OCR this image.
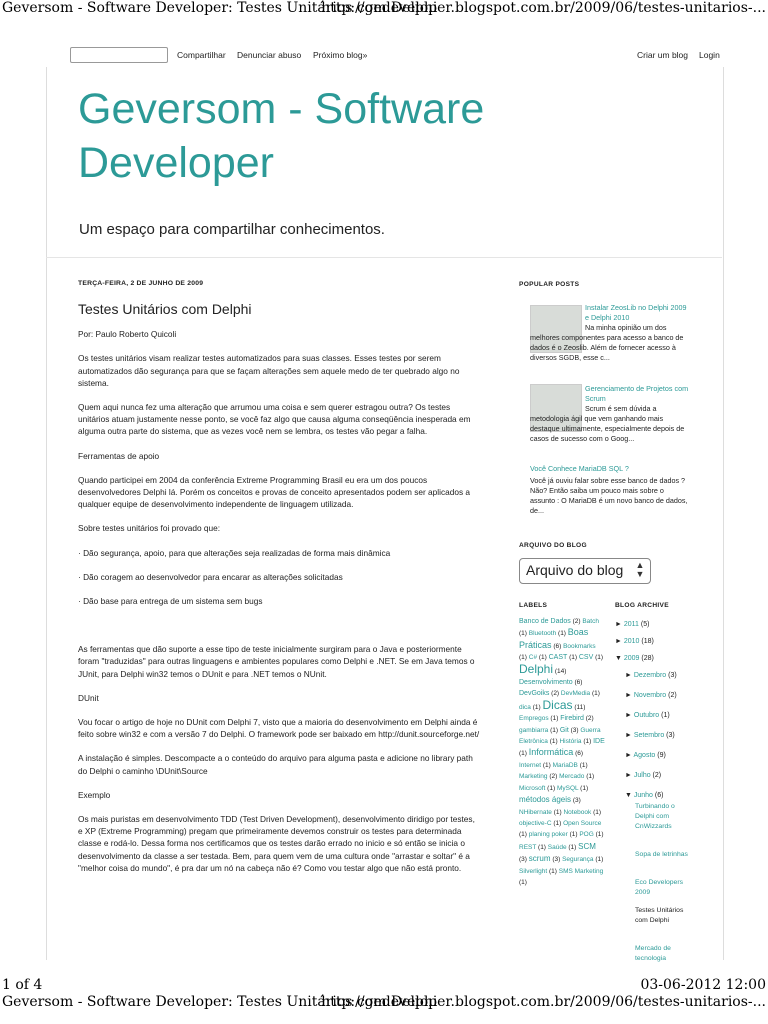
Geversom - Software Developer: Testes Unitários com Delphi
http://gedeveloper.blogspot.com.br/2009/06/testes-unitarios-...
1 of 4	03-06-2012 12:00
Geversom - Software Developer: Testes Unitários com Delphi
http://gedeveloper.blogspot.com.br/2009/06/testes-unitarios-...
Compartilhar Denunciar abuso Próximo blog»	Criar um blog Login
Geversom - Software Developer
Um espaço para compartilhar conhecimentos.
TERÇA-FEIRA, 2 DE JUNHO DE 2009
Testes Unitários com Delphi

Por: Paulo Roberto Quicoli

Os testes unitários visam realizar testes automatizados para suas classes. Esses testes por serem automatizados dão segurança para que se façam alterações sem aquele medo de ter quebrado algo no sistema.

Quem aqui nunca fez uma alteração que arrumou uma coisa e sem querer estragou outra? Os testes unitários atuam justamente nesse ponto, se você faz algo que causa alguma conseqüência inesperada em alguma outra parte do sistema, que as vezes você nem se lembra, os testes vão pegar a falha.

Ferramentas de apoio

Quando participei em 2004 da conferência Extreme Programming Brasil eu era um dos poucos desenvolvedores Delphi lá. Porém os conceitos e provas de conceito apresentados podem ser aplicados a qualquer equipe de desenvolvimento independente de linguagem utilizada.

Sobre testes unitários foi provado que:

· Dão segurança, apoio, para que alterações seja realizadas de forma mais dinâmica

· Dão coragem ao desenvolvedor para encarar as alterações solicitadas

· Dão base para entrega de um sistema sem bugs

As ferramentas que dão suporte a esse tipo de teste inicialmente surgiram para o Java e posteriormente foram "traduzidas" para outras linguagens e ambientes populares como Delphi e .NET. Se em Java temos o JUnit, para Delphi win32 temos o DUnit e para .NET temos o NUnit.

DUnit

Vou focar o artigo de hoje no DUnit com Delphi 7, visto que a maioria do desenvolvimento em Delphi ainda é feito sobre win32 e com a versão 7 do Delphi. O framework pode ser baixado em http://dunit.sourceforge.net/

A instalação é simples. Descompacte a o conteúdo do arquivo para alguma pasta e adicione no library path do Delphi o caminho \DUnit\Source

Exemplo

Os mais puristas em desenvolvimento TDD (Test Driven Development), desenvolvimento diridigo por testes, e XP (Extreme Programming) pregam que primeiramente devemos construir os testes para determinada classe e rodá-lo. Dessa forma nos certificamos que os testes darão errado no inicio e só então se inicia o desenvolvimento da classe a ser testada. Bem, para quem vem de uma cultura onde "arrastar e soltar" é a "melhor coisa do mundo", é pra dar um nó na cabeça não é? Como vou testar algo que não está pronto.

POPULAR POSTS
Instalar ZeosLib no Delphi 2009 e Delphi 2010
Na minha opinião um dos melhores componentes para acesso a banco de dados é o Zeoslib. Além de fornecer acesso à diversos SGDB, esse c...
Gerenciamento de Projetos com Scrum
Scrum é sem dúvida a metodologia ágil que vem ganhando mais destaque ultimamente, especialmente depois de casos de sucesso com o Goog...
Você Conhece MariaDB SQL ?
Você já ouviu falar sobre esse banco de dados ?Não? Então saiba um pouco mais sobre o assunto : O MariaDB é um novo banco de dados, de...
ARQUIVO DO BLOG
Arquivo do blog ▲
▼
LABELS
Banco de Dados (2) Batch (1) Bluetooth (1) Boas Práticas (6) Bookmarks (1) C# (1) CAST (1) CSV (1) Delphi (14) Desenvolvimento (6) DevGoiks (2) DevMedia (1) dica (1) Dicas (11) Empregos (1) Firebird (2) gambiarra (1) Git (3) Guerra Eletrônica (1) História (1) IDE (1) Informática (6) Internet (1) MariaDB (1) Marketing (2) Mercado (1) Microsoft (1) MySQL (1) métodos ágeis (3) NHibernate (1) Notebook (1) objective-C (1) Open Source (1) planing poker (1) POG (1) REST (1) Saúde (1) SCM (3) scrum (3) Segurança (1) Silverlight (1) SMS Marketing (1)
BLOG ARCHIVE
► 2011 (5)
► 2010 (18)
▼ 2009 (28)
► Dezembro (3)
► Novembro (2)
► Outubro (1)
► Setembro (3)
► Agosto (9)
► Julho (2)
▼ Junho (6)
Turbinando o Delphi com CnWizzards
Sopa de letrinhas
Eco Developers 2009
Testes Unitários com Delphi
Mercado de tecnologia
